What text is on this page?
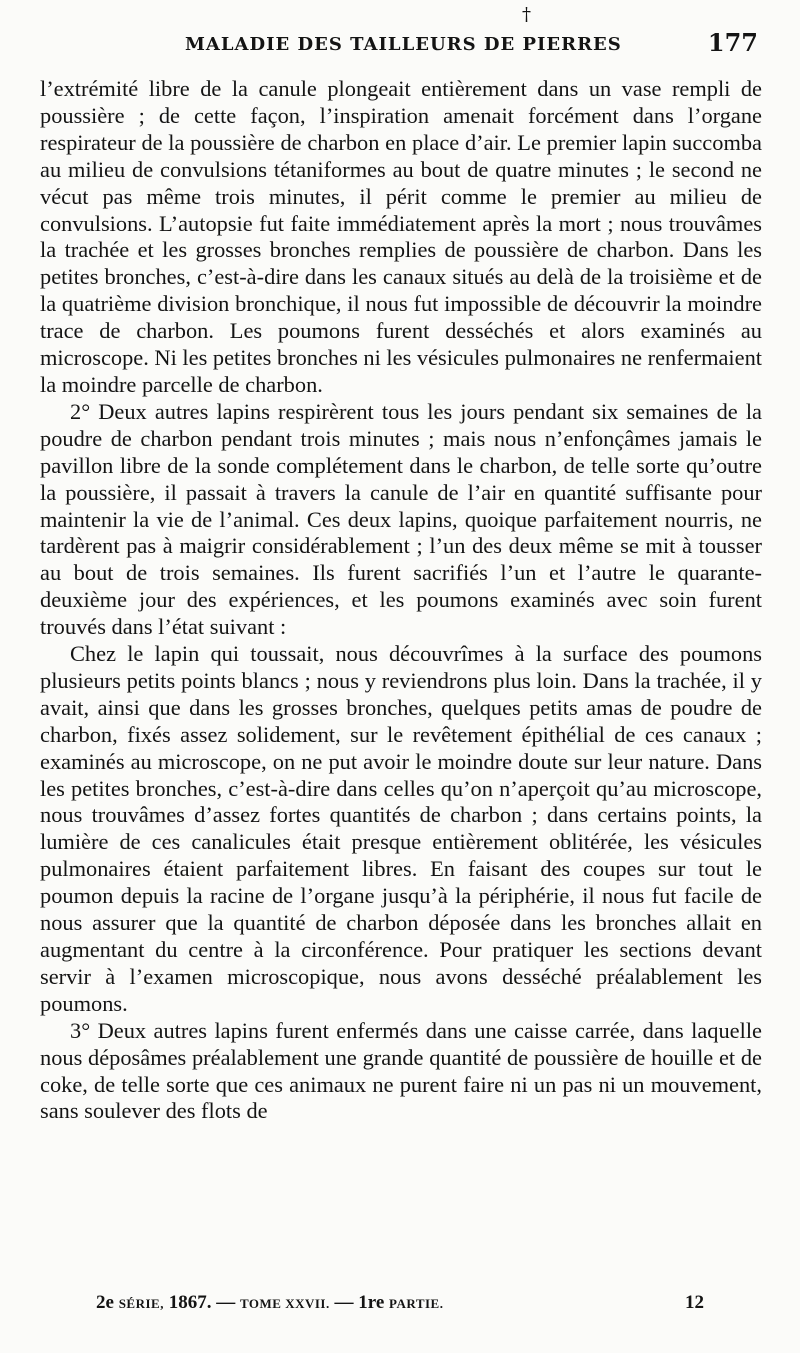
†
MALADIE DES TAILLEURS DE PIERRES	177

l’extrémité libre de la canule plongeait entièrement dans un vase rempli de poussière ; de cette façon, l’inspiration amenait forcément dans l’organe respirateur de la poussière de charbon en place d’air. Le premier lapin succomba au milieu de convulsions tétaniformes au bout de quatre minutes ; le second ne vécut pas même trois minutes, il périt comme le premier au milieu de convulsions. L’autopsie fut faite immédiatement après la mort ; nous trouvâmes la trachée et les grosses bronches remplies de poussière de charbon. Dans les petites bronches, c’est-à-dire dans les canaux situés au delà de la troisième et de la quatrième division bronchique, il nous fut impossible de découvrir la moindre trace de charbon. Les poumons furent desséchés et alors examinés au microscope. Ni les petites bronches ni les vésicules pulmonaires ne renfermaient la moindre parcelle de charbon.

2° Deux autres lapins respirèrent tous les jours pendant six semaines de la poudre de charbon pendant trois minutes ; mais nous n’enfonçâmes jamais le pavillon libre de la sonde complétement dans le charbon, de telle sorte qu’outre la poussière, il passait à travers la canule de l’air en quantité suffisante pour maintenir la vie de l’animal. Ces deux lapins, quoique parfaitement nourris, ne tardèrent pas à maigrir considérablement ; l’un des deux même se mit à tousser au bout de trois semaines. Ils furent sacrifiés l’un et l’autre le quarante-deuxième jour des expériences, et les poumons examinés avec soin furent trouvés dans l’état suivant :

Chez le lapin qui toussait, nous découvrîmes à la surface des poumons plusieurs petits points blancs ; nous y reviendrons plus loin. Dans la trachée, il y avait, ainsi que dans les grosses bronches, quelques petits amas de poudre de charbon, fixés assez solidement, sur le revêtement épithélial de ces canaux ; examinés au microscope, on ne put avoir le moindre doute sur leur nature. Dans les petites bronches, c’est-à-dire dans celles qu’on n’aperçoit qu’au microscope, nous trouvâmes d’assez fortes quantités de charbon ; dans certains points, la lumière de ces canalicules était presque entièrement oblitérée, les vésicules pulmonaires étaient parfaitement libres. En faisant des coupes sur tout le poumon depuis la racine de l’organe jusqu’à la périphérie, il nous fut facile de nous assurer que la quantité de charbon déposée dans les bronches allait en augmentant du centre à la circonférence. Pour pratiquer les sections devant servir à l’examen microscopique, nous avons desséché préalablement les poumons.

3° Deux autres lapins furent enfermés dans une caisse carrée, dans laquelle nous déposâmes préalablement une grande quantité de poussière de houille et de coke, de telle sorte que ces animaux ne purent faire ni un pas ni un mouvement, sans soulever des flots de

2e SÉRIE, 1867. — TOME XXVII. — 1re PARTIE.	12
